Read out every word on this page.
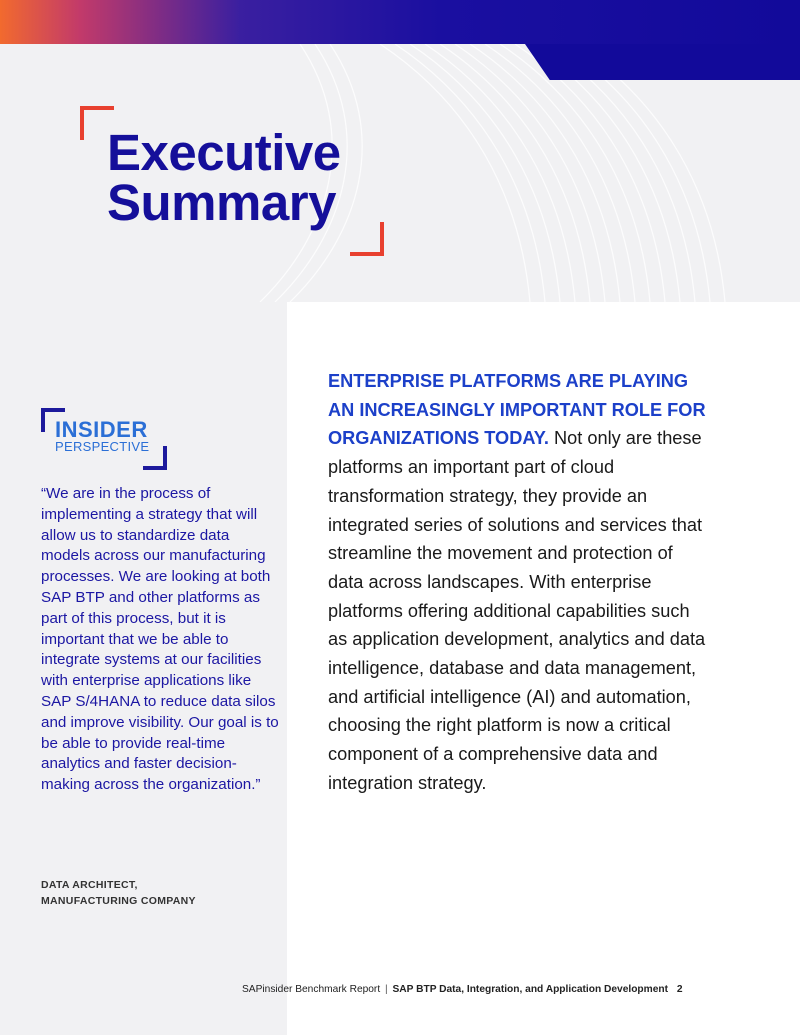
Executive
Summary
INSIDER
PERSPECTIVE

“We are in the process of implementing a strategy that will allow us to standardize data models across our manufacturing processes. We are looking at both SAP BTP and other platforms as part of this process, but it is important that we be able to integrate systems at our facilities with enterprise applications like SAP S/4HANA to reduce data silos and improve visibility. Our goal is to be able to provide real-time analytics and faster decision-making across the organization.”

DATA ARCHITECT,
MANUFACTURING COMPANY

ENTERPRISE PLATFORMS ARE PLAYING AN INCREASINGLY IMPORTANT ROLE FOR ORGANIZATIONS TODAY. Not only are these platforms an important part of cloud transformation strategy, they provide an integrated series of solutions and services that streamline the movement and protection of data across landscapes. With enterprise platforms offering additional capabilities such as application development, analytics and data intelligence, database and data management, and artificial intelligence (AI) and automation, choosing the right platform is now a critical component of a comprehensive data and integration strategy.

SAPinsider Benchmark Report | SAP BTP Data, Integration, and Application Development 2
